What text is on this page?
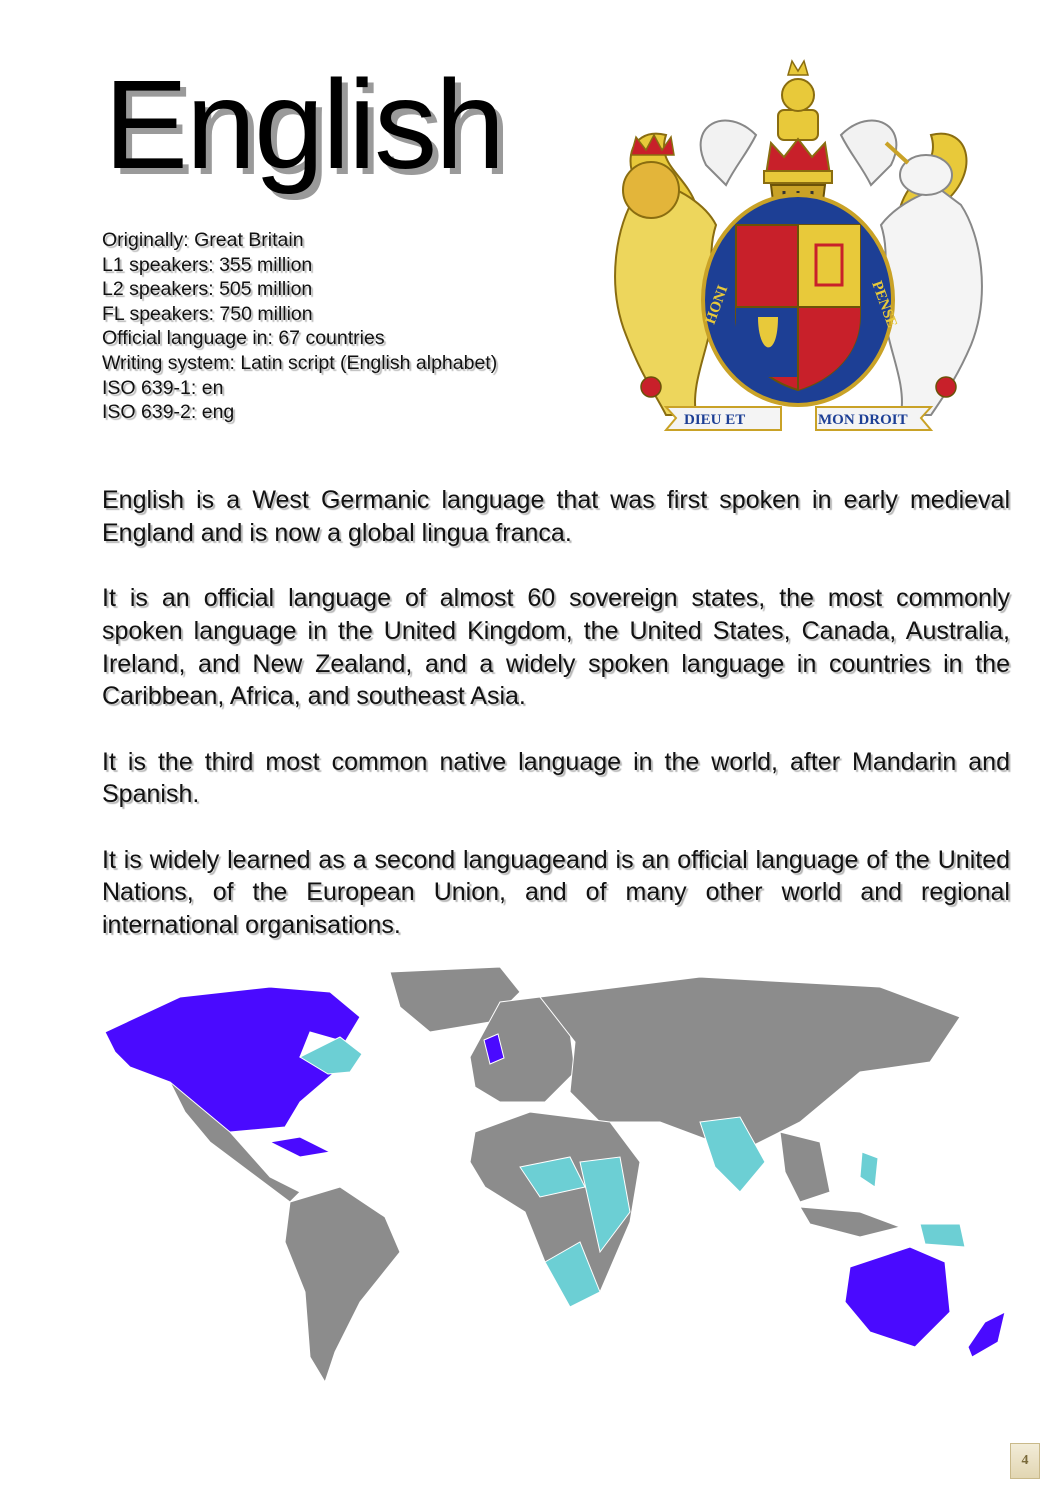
English
Originally: Great Britain
L1 speakers: 355 million
L2 speakers: 505 million
FL speakers: 750 million
Official language in: 67 countries
Writing system: Latin script (English alphabet)
ISO 639-1: en
ISO 639-2: eng
HONI	PENSE
DIEU ET	MON DROIT

English is a West Germanic language that was first spoken in early medieval England and is now a global lingua franca.

It is an official language of almost 60 sovereign states, the most commonly spoken language in the United Kingdom, the United States, Canada, Australia, Ireland, and New Zealand, and a widely spoken language in countries in the Caribbean, Africa, and southeast Asia.

It is the third most common native language in the world, after Mandarin and Spanish.

It is widely learned as a second languageand is an official language of the United Nations, of the European Union, and of many other world and regional international organisations.

4
